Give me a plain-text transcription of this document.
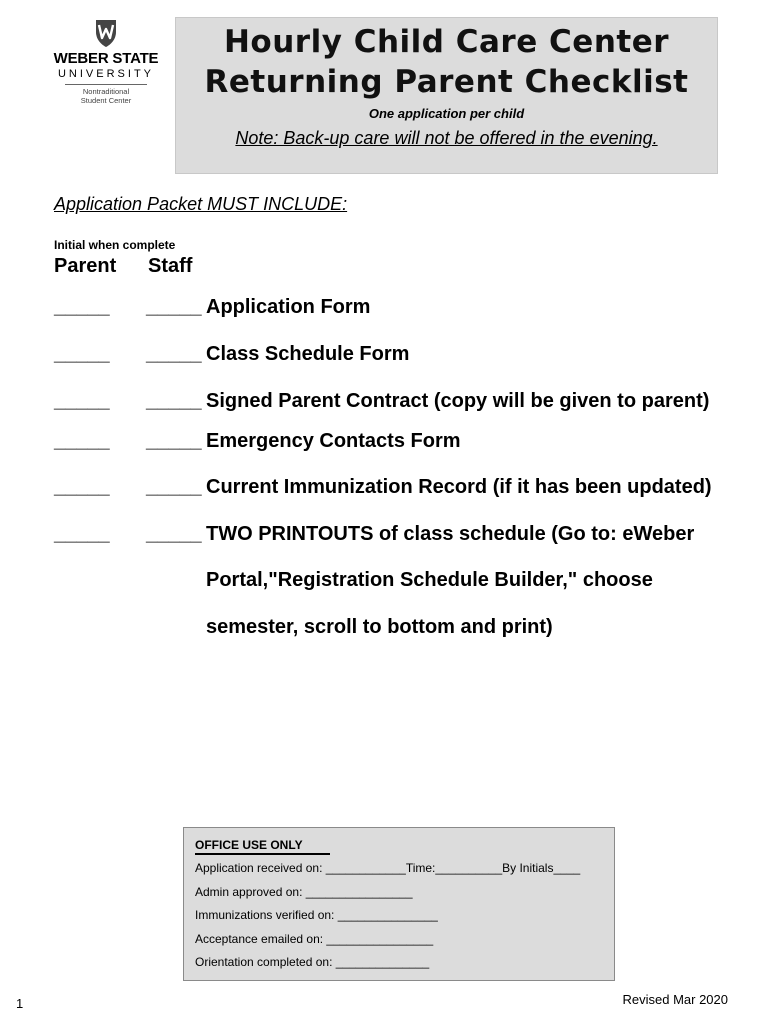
WEBER STATE
UNIVERSITY
Nontraditional
Student Center
Hourly Child Care Center
Returning Parent Checklist
One application per child
Note: Back-up care will not be offered in the evening.
Application Packet MUST INCLUDE:
Initial when complete
Parent Staff
_____ _____ Application Form
_____ _____ Class Schedule Form
_____ _____ Signed Parent Contract (copy will be given to parent)
_____ _____ Emergency Contacts Form
_____ _____ Current Immunization Record (if it has been updated)
_____ _____ TWO PRINTOUTS of class schedule (Go to: eWeber
Portal,"Registration Schedule Builder," choose
semester, scroll to bottom and print)
OFFICE USE ONLY
Application received on: ____________Time:__________By Initials____
Admin approved on: ________________
Immunizations verified on: _______________
Acceptance emailed on: ________________
Orientation completed on: ______________
1	Revised Mar 2020
